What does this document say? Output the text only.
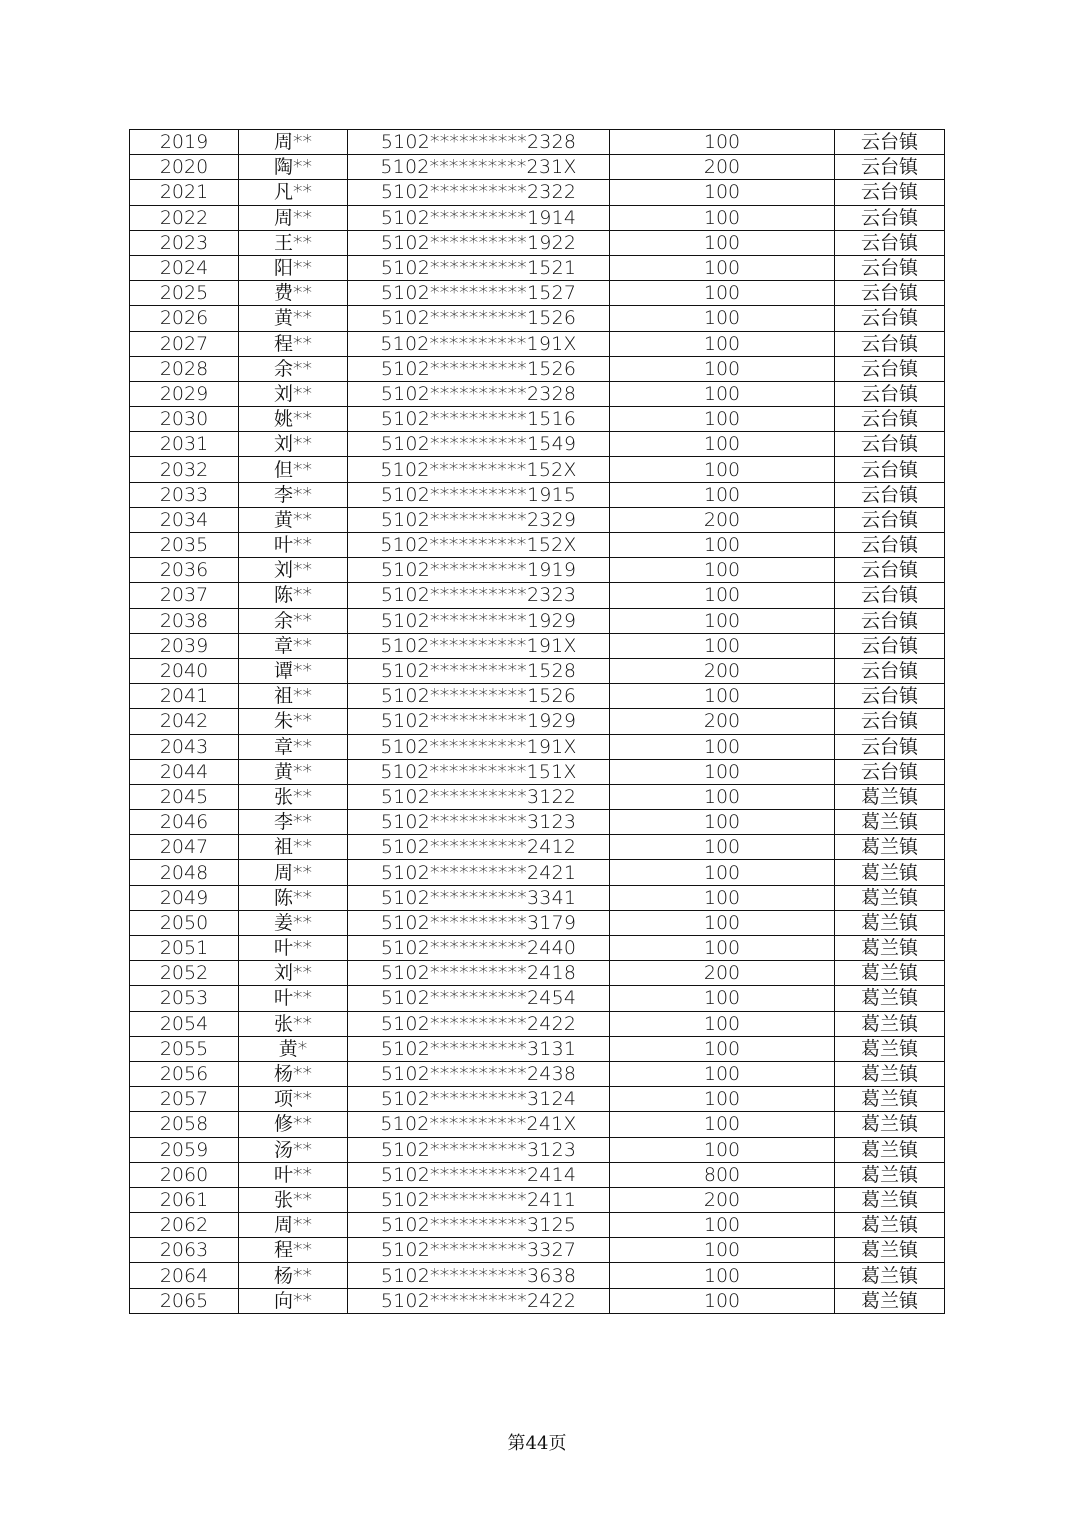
2019	周**	5102**********2328	100	云台镇
2020	陶**	5102**********231X	200	云台镇
2021	凡**	5102**********2322	100	云台镇
2022	周**	5102**********1914	100	云台镇
2023	王**	5102**********1922	100	云台镇
2024	阳**	5102**********1521	100	云台镇
2025	费**	5102**********1527	100	云台镇
2026	黄**	5102**********1526	100	云台镇
2027	程**	5102**********191X	100	云台镇
2028	余**	5102**********1526	100	云台镇
2029	刘**	5102**********2328	100	云台镇
2030	姚**	5102**********1516	100	云台镇
2031	刘**	5102**********1549	100	云台镇
2032	但**	5102**********152X	100	云台镇
2033	李**	5102**********1915	100	云台镇
2034	黄**	5102**********2329	200	云台镇
2035	叶**	5102**********152X	100	云台镇
2036	刘**	5102**********1919	100	云台镇
2037	陈**	5102**********2323	100	云台镇
2038	余**	5102**********1929	100	云台镇
2039	章**	5102**********191X	100	云台镇
2040	谭**	5102**********1528	200	云台镇
2041	祖**	5102**********1526	100	云台镇
2042	朱**	5102**********1929	200	云台镇
2043	章**	5102**********191X	100	云台镇
2044	黄**	5102**********151X	100	云台镇
2045	张**	5102**********3122	100	葛兰镇
2046	李**	5102**********3123	100	葛兰镇
2047	祖**	5102**********2412	100	葛兰镇
2048	周**	5102**********2421	100	葛兰镇
2049	陈**	5102**********3341	100	葛兰镇
2050	姜**	5102**********3179	100	葛兰镇
2051	叶**	5102**********2440	100	葛兰镇
2052	刘**	5102**********2418	200	葛兰镇
2053	叶**	5102**********2454	100	葛兰镇
2054	张**	5102**********2422	100	葛兰镇
2055	黄*	5102**********3131	100	葛兰镇
2056	杨**	5102**********2438	100	葛兰镇
2057	项**	5102**********3124	100	葛兰镇
2058	修**	5102**********241X	100	葛兰镇
2059	汤**	5102**********3123	100	葛兰镇
2060	叶**	5102**********2414	800	葛兰镇
2061	张**	5102**********2411	200	葛兰镇
2062	周**	5102**********3125	100	葛兰镇
2063	程**	5102**********3327	100	葛兰镇
2064	杨**	5102**********3638	100	葛兰镇
2065	向**	5102**********2422	100	葛兰镇
第44页
